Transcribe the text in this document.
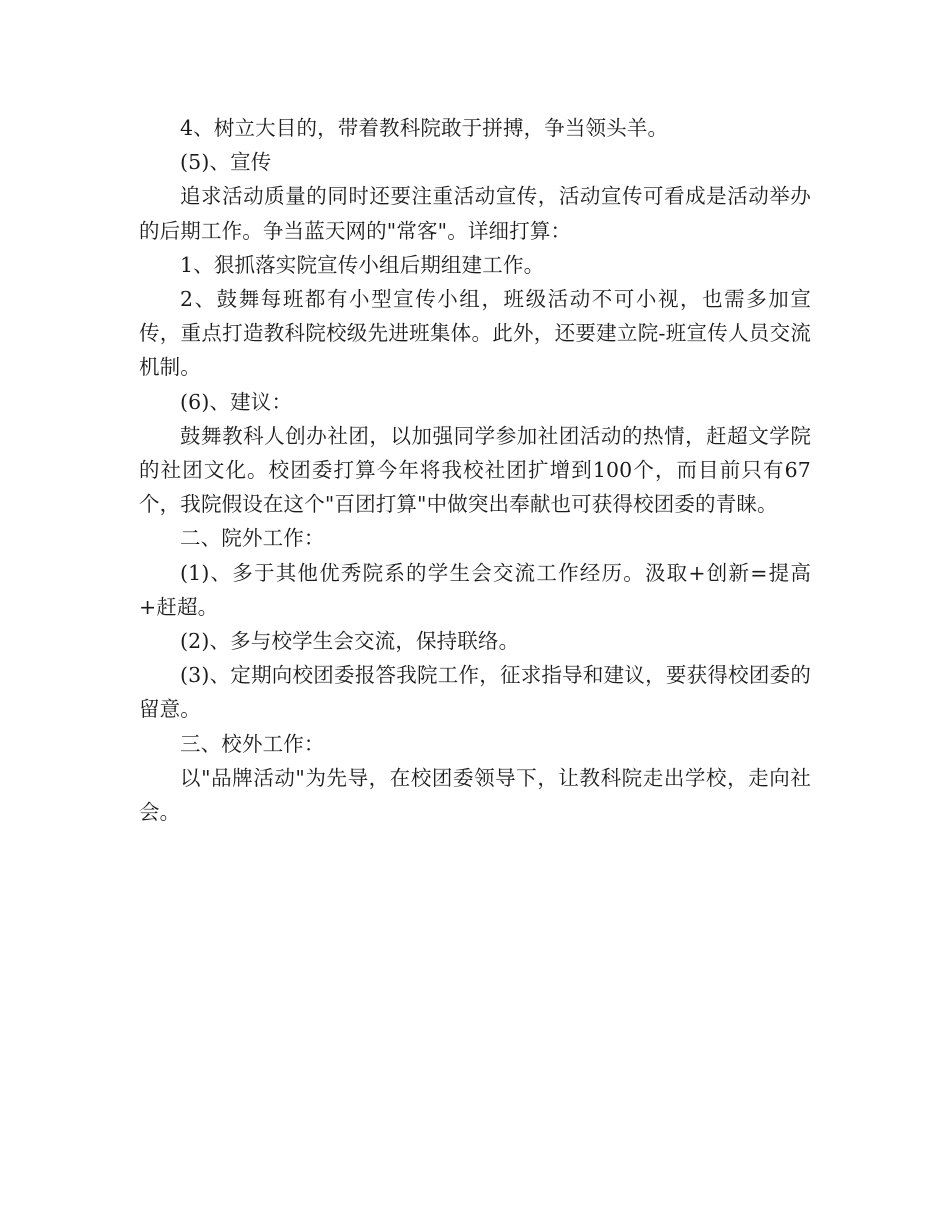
4、树立大目的，带着教科院敢于拼搏，争当领头羊。

(5)、宣传

追求活动质量的同时还要注重活动宣传，活动宣传可看成是活动举办的后期工作。争当蓝天网的"常客"。详细打算：

1、狠抓落实院宣传小组后期组建工作。

2、鼓舞每班都有小型宣传小组，班级活动不可小视，也需多加宣传，重点打造教科院校级先进班集体。此外，还要建立院-班宣传人员交流机制。

(6)、建议：

鼓舞教科人创办社团，以加强同学参加社团活动的热情，赶超文学院的社团文化。校团委打算今年将我校社团扩增到100个，而目前只有67个，我院假设在这个"百团打算"中做突出奉献也可获得校团委的青睐。

二、院外工作：

(1)、多于其他优秀院系的学生会交流工作经历。汲取+创新=提高+赶超。

(2)、多与校学生会交流，保持联络。

(3)、定期向校团委报答我院工作，征求指导和建议，要获得校团委的留意。

三、校外工作：

以"品牌活动"为先导，在校团委领导下，让教科院走出学校，走向社会。
